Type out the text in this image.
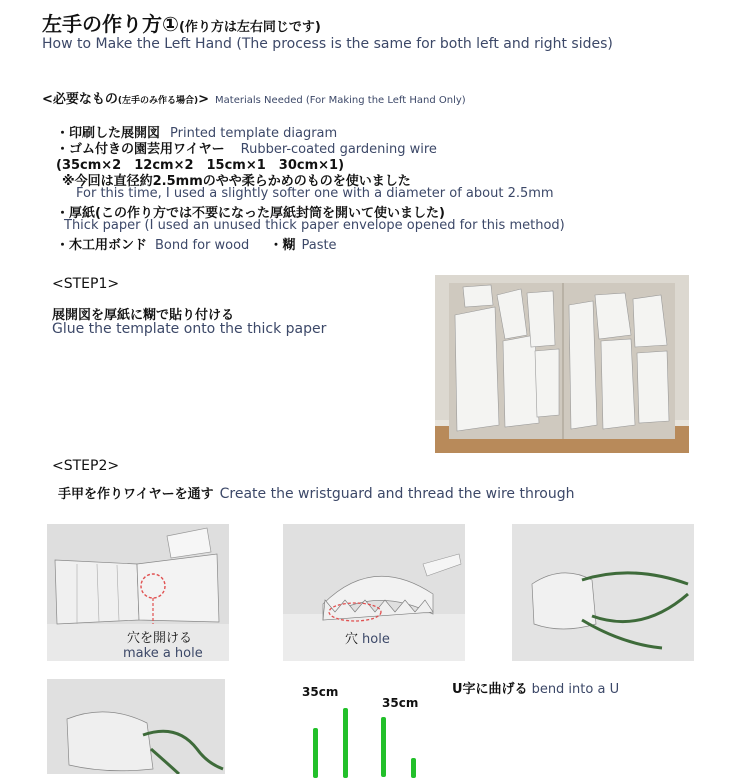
左手の作り方①(作り方は左右同じです)
How to Make the Left Hand (The process is the same for both left and right sides)
<必要なもの(左手のみ作る場合)> Materials Needed (For Making the Left Hand Only)
・印刷した展開図 Printed template diagram
・ゴム付きの園芸用ワイヤー Rubber-coated gardening wire
(35cm×2　12cm×2　15cm×1　30cm×1)
※今回は直径約2.5mmのやや柔らかめのものを使いました
For this time, I used a slightly softer one with a diameter of about 2.5mm
・厚紙(この作り方では不要になった厚紙封筒を開いて使いました)
Thick paper (I used an unused thick paper envelope opened for this method)
・木工用ボンド Bond for wood ・糊 Paste
<STEP1>
展開図を厚紙に糊で貼り付ける
Glue the template onto the thick paper
<STEP2>
手甲を作りワイヤーを通す Create the wristguard and thread the wire through
穴を開ける
make a hole
穴 hole
35cm
35cm
U字に曲げる bend into a U
